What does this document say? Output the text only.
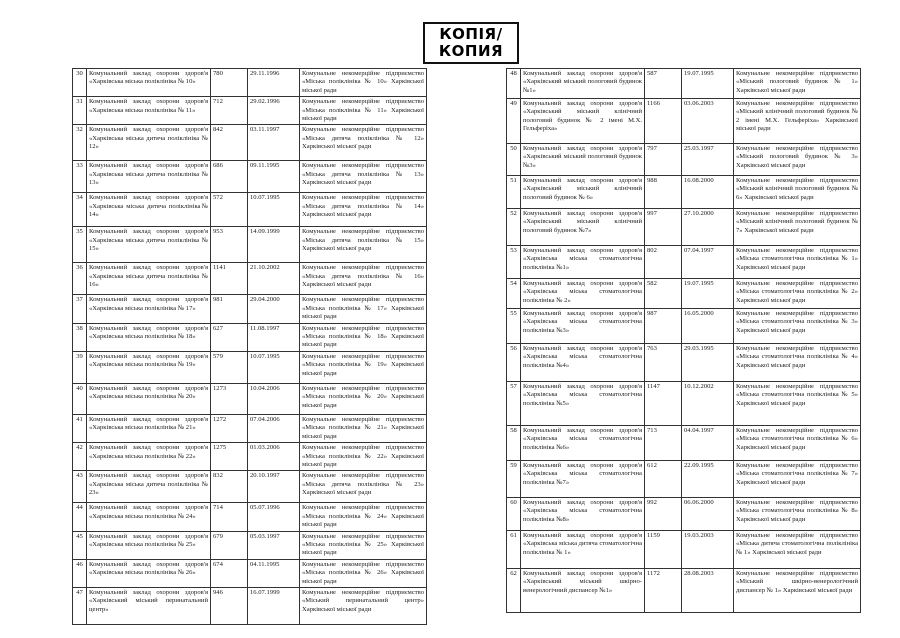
КОПІЯ/
КОПИЯ
30	Комунальний заклад охорони здоров'я «Харківська міська поліклініка № 10»	780	29.11.1996	Комунальне некомерційне підприємство «Міська поліклініка № 10» Харківської міської ради
31	Комунальний заклад охорони здоров'я «Харківська міська поліклініка № 11»	712	29.02.1996	Комунальне некомерційне підприємство «Міська поліклініка № 11» Харківської міської ради
32	Комунальний заклад охорони здоров'я «Харківська міська дитяча поліклініка № 12»	842	03.11.1997	Комунальне некомерційне підприємство «Міська дитяча поліклініка № 12» Харківської міської ради
33	Комунальний заклад охорони здоров'я «Харківська міська дитяча поліклініка № 13»	686	09.11.1995	Комунальне некомерційне підприємство «Міська дитяча поліклініка № 13» Харківської міської ради
34	Комунальний заклад охорони здоров'я «Харківська міська дитяча поліклініка№ 14»	572	10.07.1995	Комунальне некомерційне підприємство «Міська дитяча поліклініка № 14» Харківської міської ради
35	Комунальний заклад охорони здоров'я «Харківська міська дитяча поліклініка № 15»	953	14.09.1999	Комунальне некомерційне підприємство «Міська дитяча поліклініка № 15» Харківської міської ради
36	Комунальний заклад охорони здоров'я «Харківська міська дитяча поліклініка № 16»	1141	21.10.2002	Комунальне некомерційне підприємство «Міська дитяча поліклініка № 16» Харківської міської ради
37	Комунальний заклад охорони здоров'я «Харківська міська поліклініка № 17»	981	29.04.2000	Комунальне некомерційне підприємство «Міська поліклініка № 17» Харківської міської ради
38	Комунальний заклад охорони здоров'я «Харківська міська поліклініка № 18»	627	11.08.1997	Комунальне некомерційне підприємство «Міська поліклініка № 18» Харківської міської ради
39	Комунальний заклад охорони здоров'я «Харківська міська поліклініка № 19»	579	10.07.1995	Комунальне некомерційне підприємство «Міська поліклініка № 19» Харківської міської ради
40	Комунальний заклад охорони здоров'я «Харківська міська поліклініка № 20»	1273	10.04.2006	Комунальне некомерційне підприємство «Міська поліклініка № 20» Харківської міської ради
41	Комунальний заклад охорони здоров'я «Харківська міська поліклініка № 21»	1272	07.04.2006	Комунальне некомерційне підприємство «Міська поліклініка № 21» Харківської міської ради
42	Комунальний заклад охорони здоров'я «Харківська міська поліклініка № 22»	1275	01.03.2006	Комунальне некомерційне підприємство «Міська поліклініка № 22» Харківської міської ради
43	Комунальний заклад охорони здоров'я «Харківська міська дитяча поліклініка № 23»	832	20.10.1997	Комунальне некомерційне підприємство «Міська дитяча поліклініка № 23» Харківської міської ради
44	Комунальний заклад охорони здоров'я «Харківська міська поліклініка № 24»	714	05.07.1996	Комунальне некомерційне підприємство «Міська поліклініка № 24» Харківської міської ради
45	Комунальний заклад охорони здоров'я «Харківська міська поліклініка № 25»	679	05.03.1997	Комунальне некомерційне підприємство «Міська поліклініка № 25» Харківської міської ради
46	Комунальний заклад охорони здоров'я «Харківська міська поліклініка № 26»	674	04.11.1995	Комунальне некомерційне підприємство «Міська поліклініка № 26» Харківської міської ради
47	Комунальний заклад охорони здоров'я «Харківський міський перинатальний центр»	946	16.07.1999	Комунальне некомерційне підприємство «Міський перинатальний центр» Харківської міської ради
48	Комунальний заклад охорони здоров'я «Харківський міський пологовий будинок №1»	587	19.07.1995	Комунальне некомерційне підприємство «Міський пологовий будинок № 1» Харківської міської ради
49	Комунальний заклад охорони здоров'я «Харківський міський клінічний пологовий будинок № 2 імені М.Х. Гельферіха»	1166	03.06.2003	Комунальне некомерційне підприємство «Міський клінічний пологовий будинок № 2 імені М.Х. Гельферіха» Харківської міської ради
50	Комунальний заклад охорони здоров'я «Харківський міський пологовий будинок №3»	797	25.03.1997	Комунальне некомерційне підприємство «Міський пологовий будинок № 3» Харківської міської ради
51	Комунальний заклад охорони здоров'я «Харківський міський клінічний пологовий будинок № 6»	988	16.08.2000	Комунальне некомерційне підприємство «Міський клінічний пологовий будинок № 6» Харківської міської ради
52	Комунальний заклад охорони здоров'я «Харківський міський клінічний пологовий будинок №7»	997	27.10.2000	Комунальне некомерційне підприємство «Міський клінічний пологовий будинок № 7» Харківської міської ради
53	Комунальний заклад охорони здоров'я «Харківська міська стоматологічна поліклініка №1»	802	07.04.1997	Комунальне некомерційне підприємство «Міська стоматологічна поліклініка № 1» Харківської міської ради
54	Комунальний заклад охорони здоров'я «Харківська міська стоматологічна поліклініка № 2»	582	19.07.1995	Комунальне некомерційне підприємство «Міська стоматологічна поліклініка № 2» Харківської міської ради
55	Комунальний заклад охорони здоров'я «Харківська міська стоматологічна поліклініка №3»	987	16.05.2000	Комунальне некомерційне підприємство «Міська стоматологічна поліклініка № 3» Харківської міської ради
56	Комунальний заклад охорони здоров'я «Харківська міська стоматологічна поліклініка №4»	763	29.03.1995	Комунальне некомерційне підприємство «Міська стоматологічна поліклініка № 4» Харківської міської ради
57	Комунальний заклад охорони здоров'я «Харківська міська стоматологічна поліклініка №5»	1147	10.12.2002	Комунальне некомерційне підприємство «Міська стоматологічна поліклініка № 5» Харківської міської ради
58	Комунальний заклад охорони здоров'я «Харківська міська стоматологічна поліклініка №6»	713	04.04.1997	Комунальне некомерційне підприємство «Міська стоматологічна поліклініка № 6» Харківської міської ради
59	Комунальний заклад охорони здоров'я «Харківська міська стоматологічна поліклініка №7»	612	22.09.1995	Комунальне некомерційне підприємство «Міська стоматологічна поліклініка № 7» Харківської міської ради
60	Комунальний заклад охорони здоров'я «Харківська міська стоматологічна поліклініка №8»	992	06.06.2000	Комунальне некомерційне підприємство «Міська стоматологічна поліклініка № 8» Харківської міської ради
61	Комунальний заклад охорони здоров'я «Харківська міська дитяча стоматологічна поліклініка № 1»	1159	19.03.2003	Комунальне некомерційне підприємство «Міська дитяча стоматологічна поліклініка № 1» Харківської міської ради
62	Комунальний заклад охорони здоров'я «Харківський міський шкірно-венерологічний диспансер №1»	1172	28.08.2003	Комунальне некомерційне підприємство «Міський шкірно-венерологічний диспансер № 1» Харківської міської ради
